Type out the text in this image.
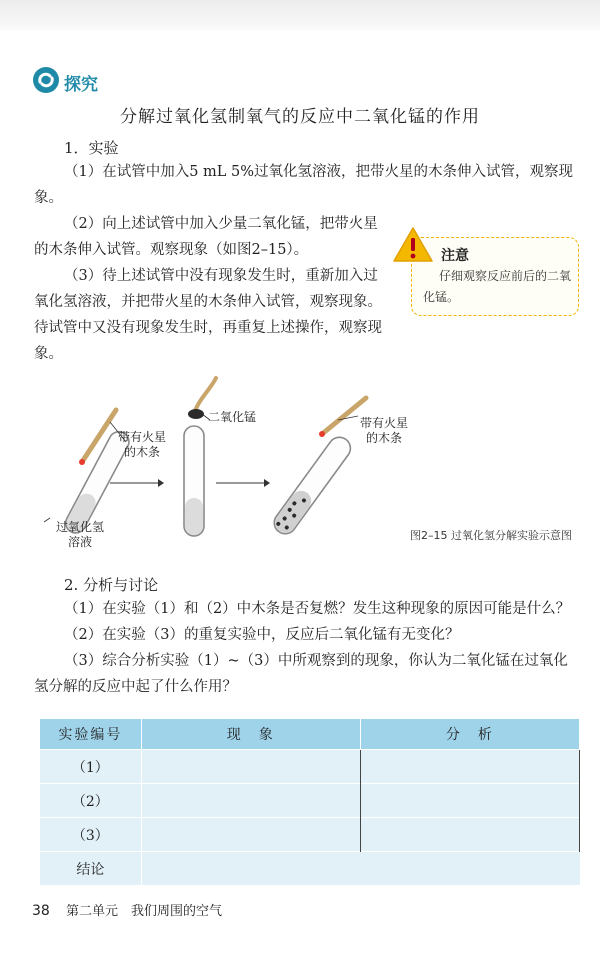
探究
分解过氧化氢制氧气的反应中二氧化锰的作用
1．实验

（1）在试管中加入5 mL 5%过氧化氢溶液，把带火星的木条伸入试管，观察现象。

（2）向上述试管中加入少量二氧化锰，把带火星的木条伸入试管。观察现象（如图2–15）。

（3）待上述试管中没有现象发生时，重新加入过氧化氢溶液，并把带火星的木条伸入试管，观察现象。待试管中又没有现象发生时，再重复上述操作，观察现象。

注意
仔细观察反应前后的二氧化锰。
带有火星
的木条
过氧化氢
溶液
二氧化锰	带有火星
的木条
图2–15 过氧化氢分解实验示意图
2. 分析与讨论

（1）在实验（1）和（2）中木条是否复燃？发生这种现象的原因可能是什么？

（2）在实验（3）的重复实验中，反应后二氧化锰有无变化？

（3）综合分析实验（1）~（3）中所观察到的现象，你认为二氧化锰在过氧化氢分解的反应中起了什么作用？

实验编号	现　象	分　析
（1）		
（2）		
（3）		
结论		
38 第二单元　我们周围的空气
